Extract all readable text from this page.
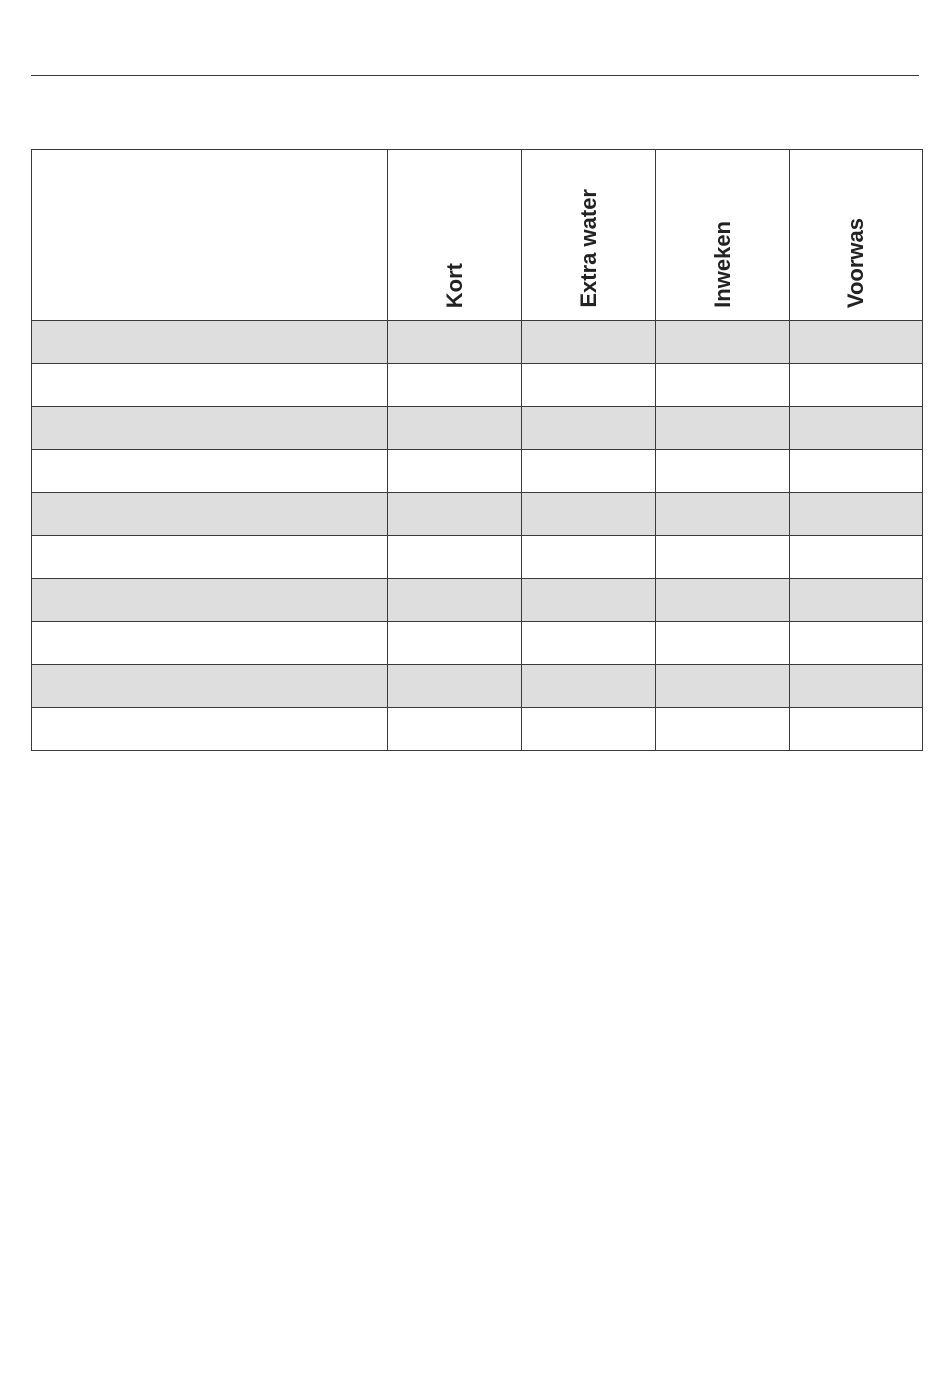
	Kort	Extra water	Inweken	Voorwas
